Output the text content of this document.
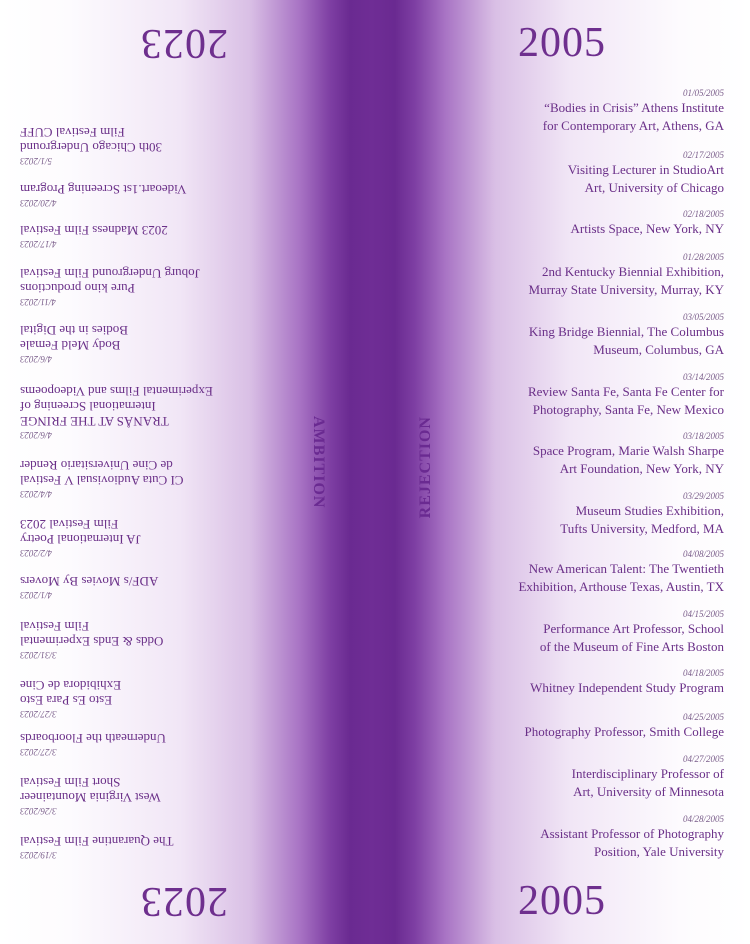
2023	2005
2023	2005
AMBITION	REJECTION
3/19/2023
The Quarantine Film Festival
3/26/2023
West Virginia Mountaineer
Short Film Festival
3/27/2023
Underneath the Floorboards
3/27/2023
Esto Es Para Esto
Exhibidora de Cine
3/31/2023
Odds & Ends Experimental
Film Festival
4/1/2023
ADF/s Movies By Movers
4/2/2023
JA International Poetry
Film Festival 2023
4/4/2023
CI Cuta Audiovisual V Festival
de Cine Universitario Render
4/6/2023
TRANÅS AT THE FRINGE
International Screening of
Experimental Films and Videopoems
4/6/2023
Body Meld Female
Bodies in the Digital
4/11/2023
Pure kino productions
Joburg Underground Film Festival
4/17/2023
2023 Madness Film Festival
4/20/2023
Videoart.1st Screening Program
5/1/2023
30th Chicago Underground
Film Festival CUFF
01/05/2005
“Bodies in Crisis” Athens Institute
for Contemporary Art, Athens, GA
02/17/2005
Visiting Lecturer in StudioArt
Art, University of Chicago
02/18/2005
Artists Space, New York, NY
01/28/2005
2nd Kentucky Biennial Exhibition,
Murray State University, Murray, KY
03/05/2005
King Bridge Biennial, The Columbus
Museum, Columbus, GA
03/14/2005
Review Santa Fe, Santa Fe Center for
Photography, Santa Fe, New Mexico
03/18/2005
Space Program, Marie Walsh Sharpe
Art Foundation, New York, NY
03/29/2005
Museum Studies Exhibition,
Tufts University, Medford, MA
04/08/2005
New American Talent: The Twentieth
Exhibition, Arthouse Texas, Austin, TX
04/15/2005
Performance Art Professor, School
of the Museum of Fine Arts Boston
04/18/2005
Whitney Independent Study Program
04/25/2005
Photography Professor, Smith College
04/27/2005
Interdisciplinary Professor of
Art, University of Minnesota
04/28/2005
Assistant Professor of Photography
Position, Yale University
